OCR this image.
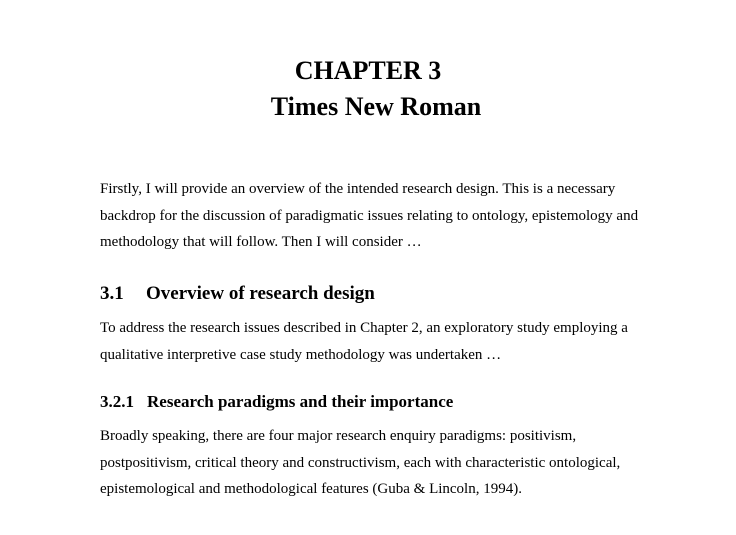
CHAPTER 3
Times New Roman

Firstly, I will provide an overview of the intended research design. This is a necessary
backdrop for the discussion of paradigmatic issues relating to ontology, epistemology and
methodology that will follow. Then I will consider …

3.1 Overview of research design

To address the research issues described in Chapter 2, an exploratory study employing a
qualitative interpretive case study methodology was undertaken …

3.2.1 Research paradigms and their importance

Broadly speaking, there are four major research enquiry paradigms: positivism,
postpositivism, critical theory and constructivism, each with characteristic ontological,
epistemological and methodological features (Guba & Lincoln, 1994).
